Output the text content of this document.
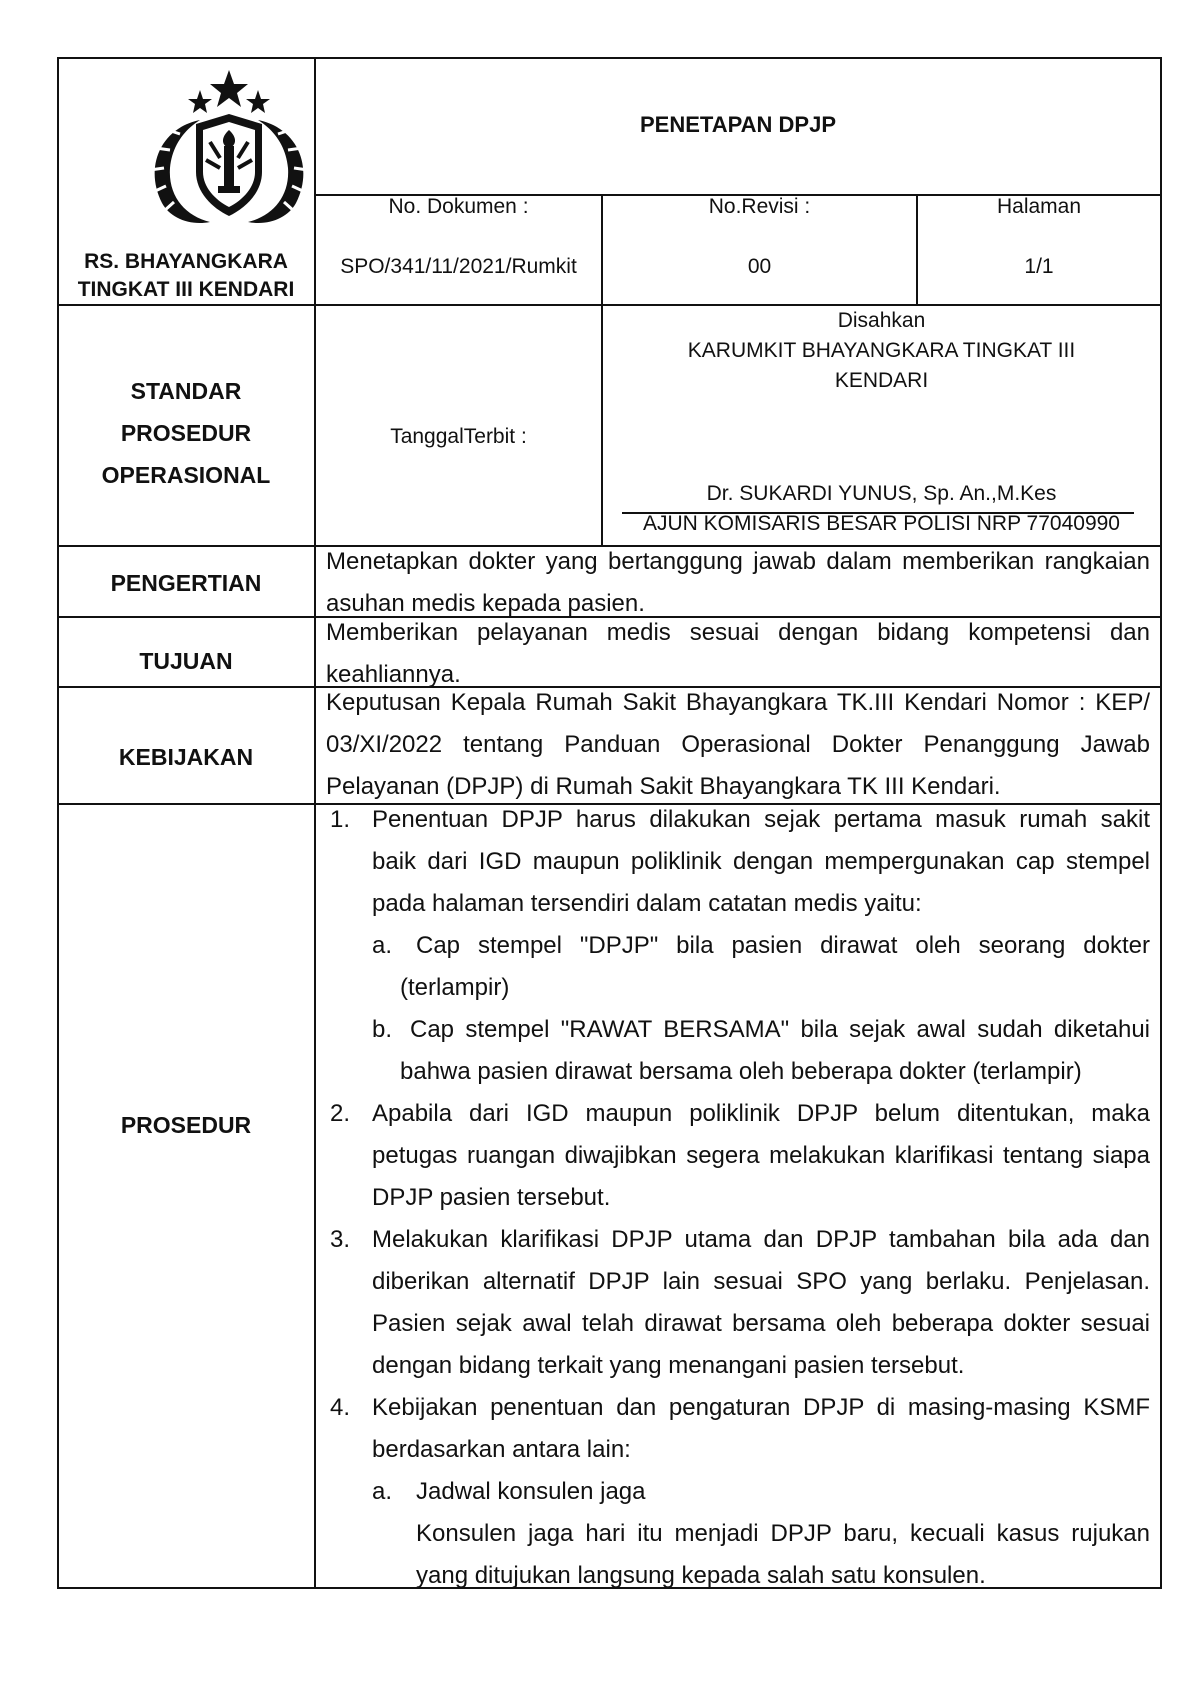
RS. BHAYANGKARA
TINGKAT III KENDARI
PENETAPAN DPJP
No. Dokumen :
SPO/341/11/2021/Rumkit
No.Revisi :
00
Halaman
1/1
STANDAR
PROSEDUR
OPERASIONAL
TanggalTerbit :
Disahkan
KARUMKIT BHAYANGKARA TINGKAT III
KENDARI
Dr. SUKARDI YUNUS, Sp. An.,M.Kes
AJUN KOMISARIS BESAR POLISI NRP 77040990
PENGERTIAN
Menetapkan dokter yang bertanggung jawab dalam memberikan rangkaian
asuhan medis kepada pasien.
TUJUAN
Memberikan pelayanan medis sesuai dengan bidang kompetensi dan
keahliannya.
KEBIJAKAN
Keputusan Kepala Rumah Sakit Bhayangkara TK.III Kendari Nomor : KEP/
03/XI/2022 tentang Panduan Operasional Dokter Penanggung Jawab
Pelayanan (DPJP) di Rumah Sakit Bhayangkara TK III Kendari.
PROSEDUR
1. Penentuan DPJP harus dilakukan sejak pertama masuk rumah sakit
baik dari IGD maupun poliklinik dengan mempergunakan cap stempel
pada halaman tersendiri dalam catatan medis yaitu:
a. Cap stempel "DPJP" bila pasien dirawat oleh seorang dokter
(terlampir)
b. Cap stempel "RAWAT BERSAMA" bila sejak awal sudah diketahui
bahwa pasien dirawat bersama oleh beberapa dokter (terlampir)
2. Apabila dari IGD maupun poliklinik DPJP belum ditentukan, maka
petugas ruangan diwajibkan segera melakukan klarifikasi tentang siapa
DPJP pasien tersebut.
3. Melakukan klarifikasi DPJP utama dan DPJP tambahan bila ada dan
diberikan alternatif DPJP lain sesuai SPO yang berlaku. Penjelasan.
Pasien sejak awal telah dirawat bersama oleh beberapa dokter sesuai
dengan bidang terkait yang menangani pasien tersebut.
4. Kebijakan penentuan dan pengaturan DPJP di masing-masing KSMF
berdasarkan antara lain:
a. Jadwal konsulen jaga
Konsulen jaga hari itu menjadi DPJP baru, kecuali kasus rujukan
yang ditujukan langsung kepada salah satu konsulen.
